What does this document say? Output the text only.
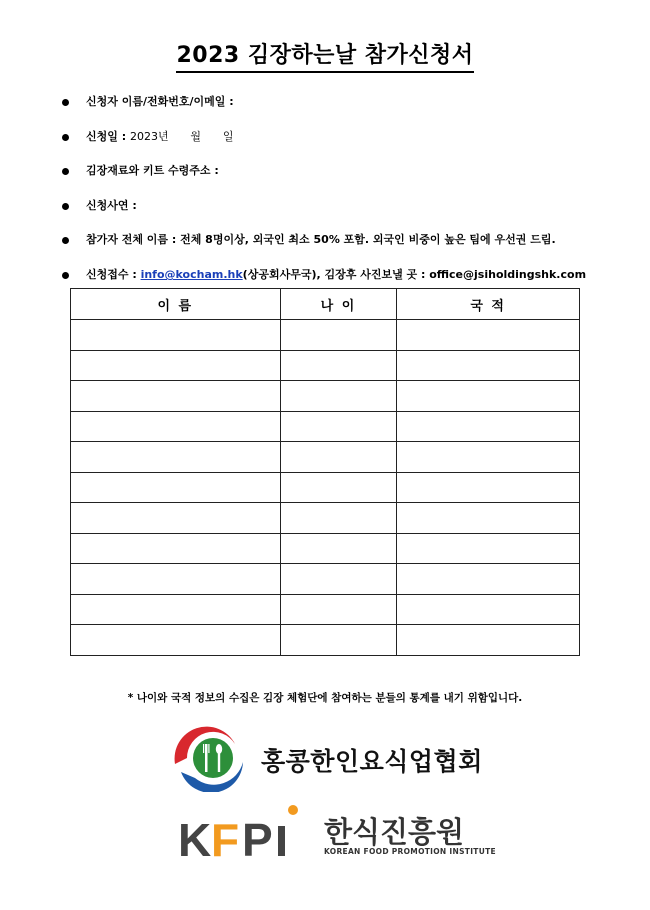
2023 김장하는날 참가신청서
신청자 이름/전화번호/이메일 :
신청일 : 2023년 월 일
김장재료와 키트 수령주소 :
신청사연 :
참가자 전체 이름 : 전체 8명이상, 외국인 최소 50% 포함. 외국인 비중이 높은 팀에 우선권 드림.
신청접수 : info@kocham.hk(상공회사무국), 김장후 사진보낼 곳 : office@jsiholdingshk.com
이 름	나 이	국 적

* 나이와 국적 정보의 수집은 김장 체험단에 참여하는 분들의 통계를 내기 위함입니다.
홍콩한인요식업협회
K F P 한식진흥원
KOREAN FOOD PROMOTION INSTITUTE
